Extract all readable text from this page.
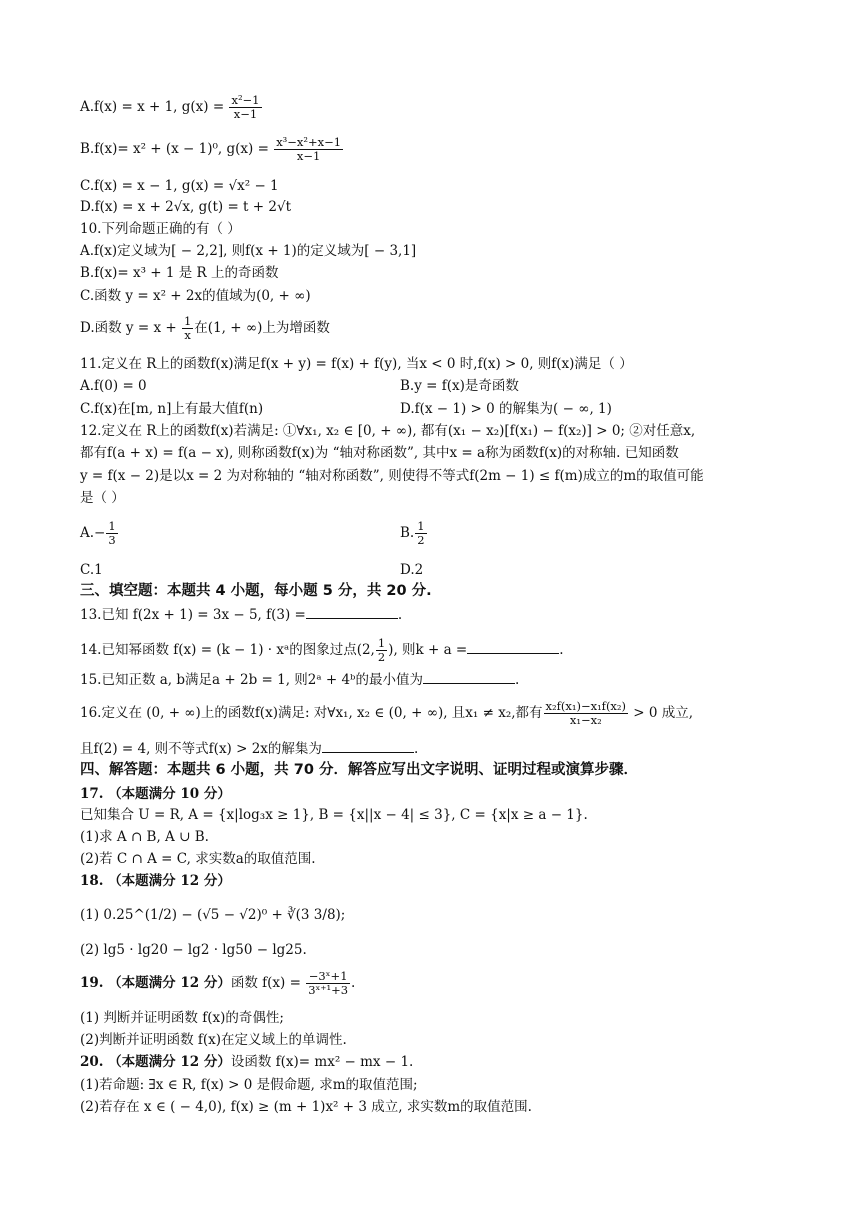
A.f(x) = x + 1, $g(x) = \frac{\text{x²−1}}{x-1}$
B.f(x)= x² + (x − 1)⁰, $g(x) = \frac{\text{x³−x²+x−1}}{x-1}$
C.f(x) = x − 1, g(x) = √x² − 1
D.f(x) = x + 2√x, g(t) = t + 2√t
10.下列命题正确的有（ ）
A.f(x)定义域为[ − 2,2], 则f(x + 1)的定义域为[ − 3,1]
B.f(x)= x³ + 1 是 R 上的奇函数
C.函数 y = x² + 2x的值域为(0, + ∞)
D.函数 $y = x + \frac{1}{x}$ 在(1, + ∞)上为增函数
11.定义在 R上的函数f(x)满足f(x + y) = f(x) + f(y), 当x < 0 时,f(x) > 0, 则f(x)满足（ ）
A.f(0) = 0	B.y = f(x)是奇函数
C.f(x)在[m, n]上有最大值f(n)	D.f(x − 1) > 0 的解集为( − ∞, 1)
12.定义在 R上的函数f(x)若满足: ①∀x₁, x₂ ∈ [0, + ∞), 都有(x₁ − x₂)[f(x₁) − f(x₂)] > 0; ②对任意x,
都有f(a + x) = f(a − x), 则称函数f(x)为 “轴对称函数”, 其中x = a称为函数f(x)的对称轴. 已知函数
y = f(x − 2)是以x = 2 为对称轴的 “轴对称函数”, 则使得不等式f(2m − 1) ≤ f(m)成立的m的取值可能
是（ ）
$A.- \frac{1}{3}$	B. $\frac{1}{2}$
C.1	D.2
三、填空题：本题共 4 小题，每小题 5 分，共 20 分.
13.已知 f(2x + 1) = 3x − 5, f(3) =	.
14.已知幂函数 f(x) = (k − 1) · xᵃ的图象过点(2, $\frac{1}{2}$ ), 则k + a =	.
15.已知正数 a, b满足a + 2b = 1, 则2ᵃ + 4ᵇ的最小值为	.
16.定义在 (0, + ∞)上的函数f(x)满足: 对∀x₁, x₂ ∈ (0, + ∞), 且x₁ ≠ x₂,都有 $\frac{\text{x₂f(x₁)−x₁f(x₂)}}{\text{x₁−x₂}} > 0$ 成立,
且f(2) = 4, 则不等式f(x) > 2x的解集为	.
四、解答题：本题共 6 小题，共 70 分．解答应写出文字说明、证明过程或演算步骤．
17. （本题满分 10 分）
已知集合 U = R, A = {x|log₃x ≥ 1}, B = {x||x − 4| ≤ 3}, C = {x|x ≥ a − 1}.
(1)求 A ∩ B, A ∪ B.
(2)若 C ∩ A = C, 求实数a的取值范围.
18. （本题满分 12 分）
(1) 0.25^(1/2) − (√5 − √2)⁰ + ∛(3 3/8);
(2) lg5 · lg20 − lg2 · lg50 − lg25.
19. （本题满分 12 分）函数 $f(x) = \frac{\text{−3ˣ+1}}{\text{3ˣ⁺¹+3}}$ .
(1) 判断并证明函数 f(x)的奇偶性;
(2)判断并证明函数 f(x)在定义域上的单调性.
20. （本题满分 12 分）设函数 f(x)= mx² − mx − 1.
(1)若命题: ∃x ∈ R, f(x) > 0 是假命题, 求m的取值范围;
(2)若存在 x ∈ ( − 4,0), f(x) ≥ (m + 1)x² + 3 成立, 求实数m的取值范围.
